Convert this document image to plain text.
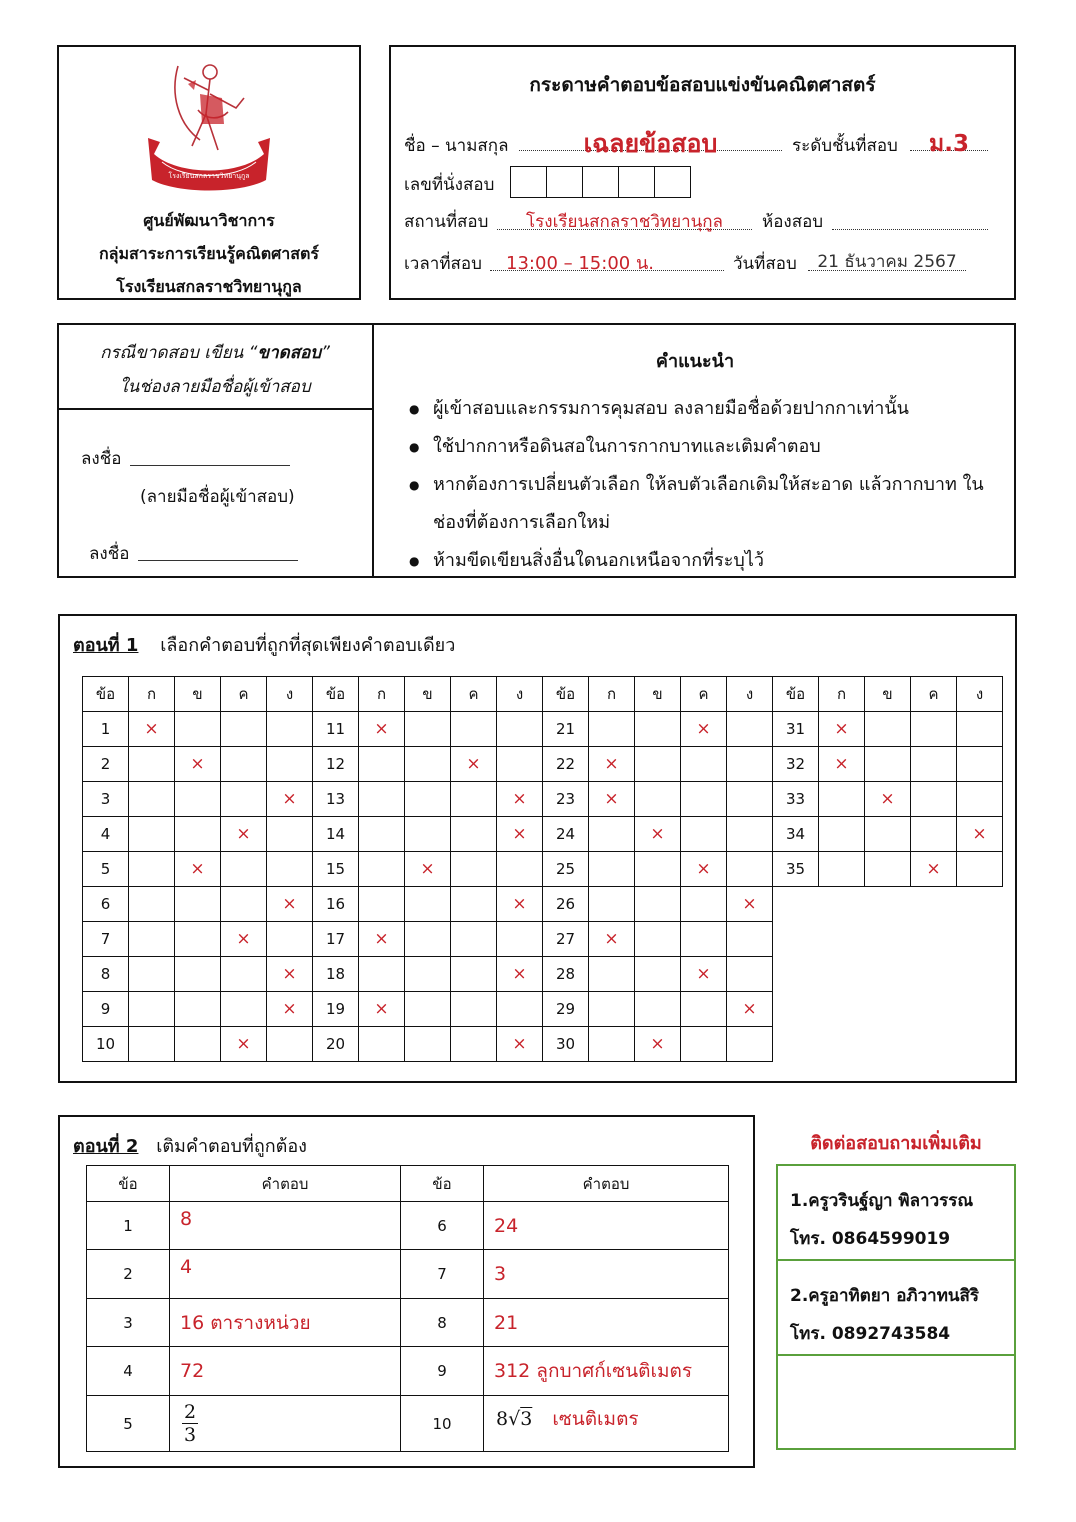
โรงเรียนสกลราชวิทยานุกูล
ศูนย์พัฒนาวิชาการ
กลุ่มสาระการเรียนรู้คณิตศาสตร์
โรงเรียนสกลราชวิทยานุกูล
กระดาษคำตอบข้อสอบแข่งขันคณิตศาสตร์
ชื่อ – นามสกุล	เฉลยข้อสอบ	ระดับชั้นที่สอบ	ม.3
เลขที่นั่งสอบ
สถานที่สอบ	โรงเรียนสกลราชวิทยานุกูล	ห้องสอบ
เวลาที่สอบ	13:00 – 15:00 น.	วันที่สอบ	21 ธันวาคม 2567
กรณีขาดสอบ เขียน “ขาดสอบ”
ในช่องลายมือชื่อผู้เข้าสอบ
ลงชื่อ
(ลายมือชื่อผู้เข้าสอบ)
ลงชื่อ
คำแนะนำ
● ผู้เข้าสอบและกรรมการคุมสอบ ลงลายมือชื่อด้วยปากกาเท่านั้น
● ใช้ปากกาหรือดินสอในการกากบาทและเติมคำตอบ
● หากต้องการเปลี่ยนตัวเลือก ให้ลบตัวเลือกเดิมให้สะอาด แล้วกากบาท ในช่องที่ต้องการเลือกใหม่
● ห้ามขีดเขียนสิ่งอื่นใดนอกเหนือจากที่ระบุไว้
ตอนที่ 1 เลือกคำตอบที่ถูกที่สุดเพียงคำตอบเดียว
ข้อ	ก	ข	ค	ง	ข้อ	ก	ข	ค	ง	ข้อ	ก	ข	ค	ง	ข้อ	ก	ข	ค	ง
1	×				11	×				21			×		31	×			
2		×			12			×		22	×				32	×			
3				×	13				×	23	×				33		×		
4			×		14				×	24		×			34				×
5		×			15		×			25			×		35			×	
6				×	16				×	26				×					
7			×		17	×				27	×								
8				×	18				×	28			×						
9				×	19	×				29				×					
10			×		20				×	30		×							
ตอนที่ 2 เติมคำตอบที่ถูกต้อง
ข้อ	คำตอบ	ข้อ	คำตอบ
1	8	6	24
2	4	7	3
3	16 ตารางหน่วย	8	21
4	72	9	312 ลูกบาศก์เซนติเมตร
5	$\frac{2}{3}$	10	8√3 เซนติเมตร
ติดต่อสอบถามเพิ่มเติม
1.ครูวรินฐ์ญา พิลาวรรณ
โทร. 0864599019
2.ครูอาทิตยา อภิวาทนสิริ
โทร. 0892743584
